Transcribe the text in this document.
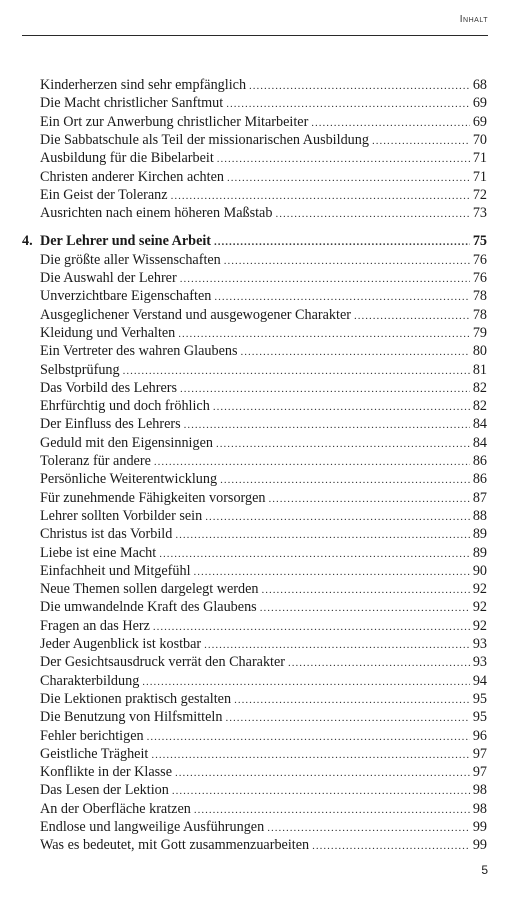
Inhalt
Kinderherzen sind sehr empfänglich .....	68
Die Macht christlicher Sanftmut .....	69
Ein Ort zur Anwerbung christlicher Mitarbeiter .....	69
Die Sabbatschule als Teil der missionarischen Ausbildung .....	70
Ausbildung für die Bibelarbeit .....	71
Christen anderer Kirchen achten .....	71
Ein Geist der Toleranz .....	72
Ausrichten nach einem höheren Maßstab .....	73
4. Der Lehrer und seine Arbeit .....	75
Die größte aller Wissenschaften .....	76
Die Auswahl der Lehrer .....	76
Unverzichtbare Eigenschaften .....	78
Ausgeglichener Verstand und ausgewogener Charakter .....	78
Kleidung und Verhalten .....	79
Ein Vertreter des wahren Glaubens .....	80
Selbstprüfung .....	81
Das Vorbild des Lehrers .....	82
Ehrfürchtig und doch fröhlich .....	82
Der Einfluss des Lehrers .....	84
Geduld mit den Eigensinnigen .....	84
Toleranz für andere .....	86
Persönliche Weiterentwicklung .....	86
Für zunehmende Fähigkeiten vorsorgen .....	87
Lehrer sollten Vorbilder sein .....	88
Christus ist das Vorbild .....	89
Liebe ist eine Macht .....	89
Einfachheit und Mitgefühl .....	90
Neue Themen sollen dargelegt werden .....	92
Die umwandelnde Kraft des Glaubens .....	92
Fragen an das Herz .....	92
Jeder Augenblick ist kostbar .....	93
Der Gesichtsausdruck verrät den Charakter .....	93
Charakterbildung .....	94
Die Lektionen praktisch gestalten .....	95
Die Benutzung von Hilfsmitteln .....	95
Fehler berichtigen .....	96
Geistliche Trägheit .....	97
Konflikte in der Klasse .....	97
Das Lesen der Lektion .....	98
An der Oberfläche kratzen .....	98
Endlose und langweilige Ausführungen .....	99
Was es bedeutet, mit Gott zusammenzuarbeiten .....	99
5
